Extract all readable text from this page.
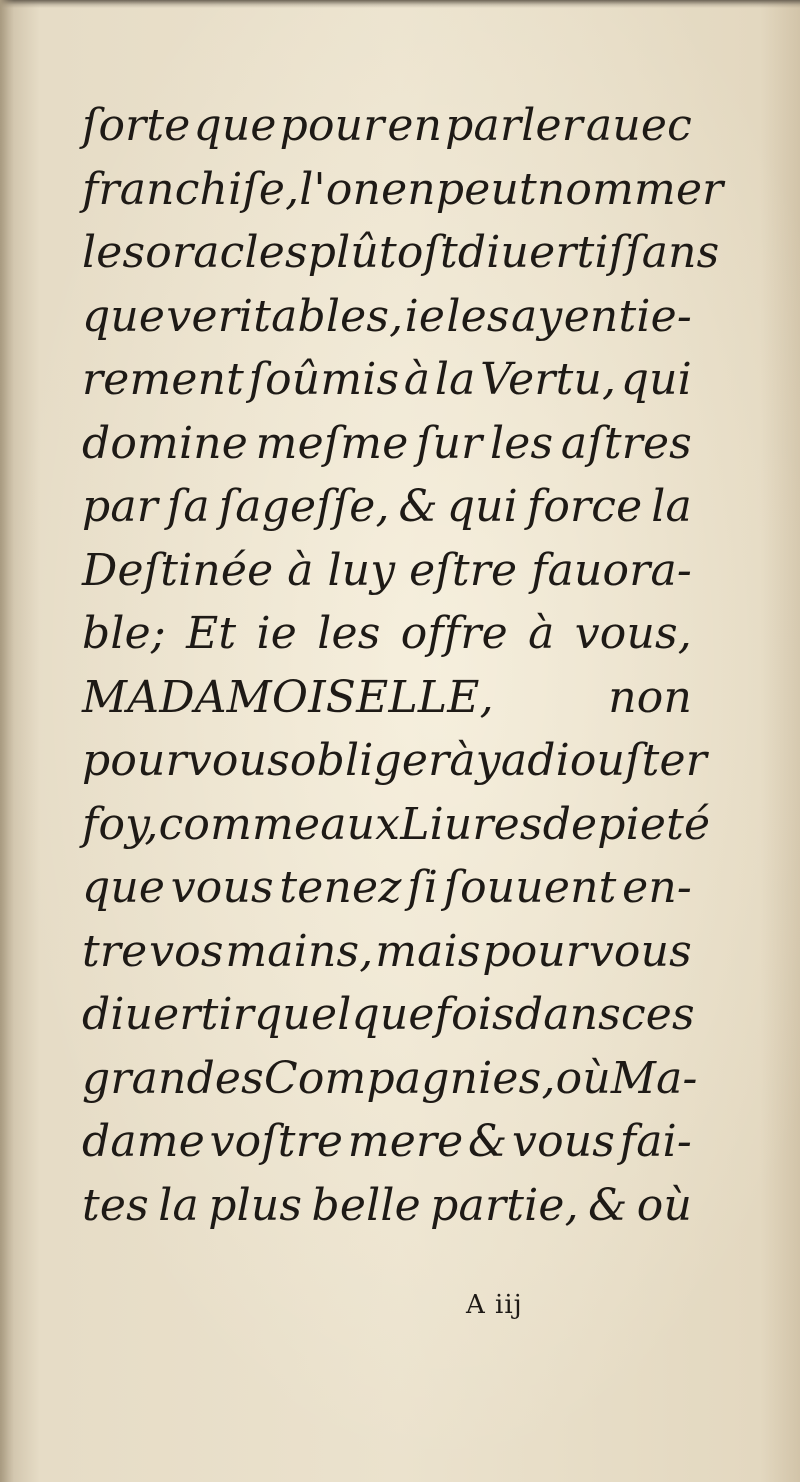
ſorte que pour en parler auec
franchiſe, l'on en peut nommer
les oracles plûtoſt diuertiſſans
que veritables, ie les ay entie-
rement ſoûmis à la Vertu, qui
domine meſme ſur les aſtres
par ſa ſageſſe, & qui force la
Deſtinée à luy eſtre fauora-
ble; Et ie les offre à vous,
MADAMOISELLE,	non
pour vous obliger à y adiouſter
foy, comme aux Liures de pieté
que vous tenez ſi ſouuent en-
tre vos mains, mais pour vous
diuertir quelquefois dans ces
grandes Compagnies, où Ma-
dame voſtre mere & vous fai-
tes la plus belle partie, & où
A iij
